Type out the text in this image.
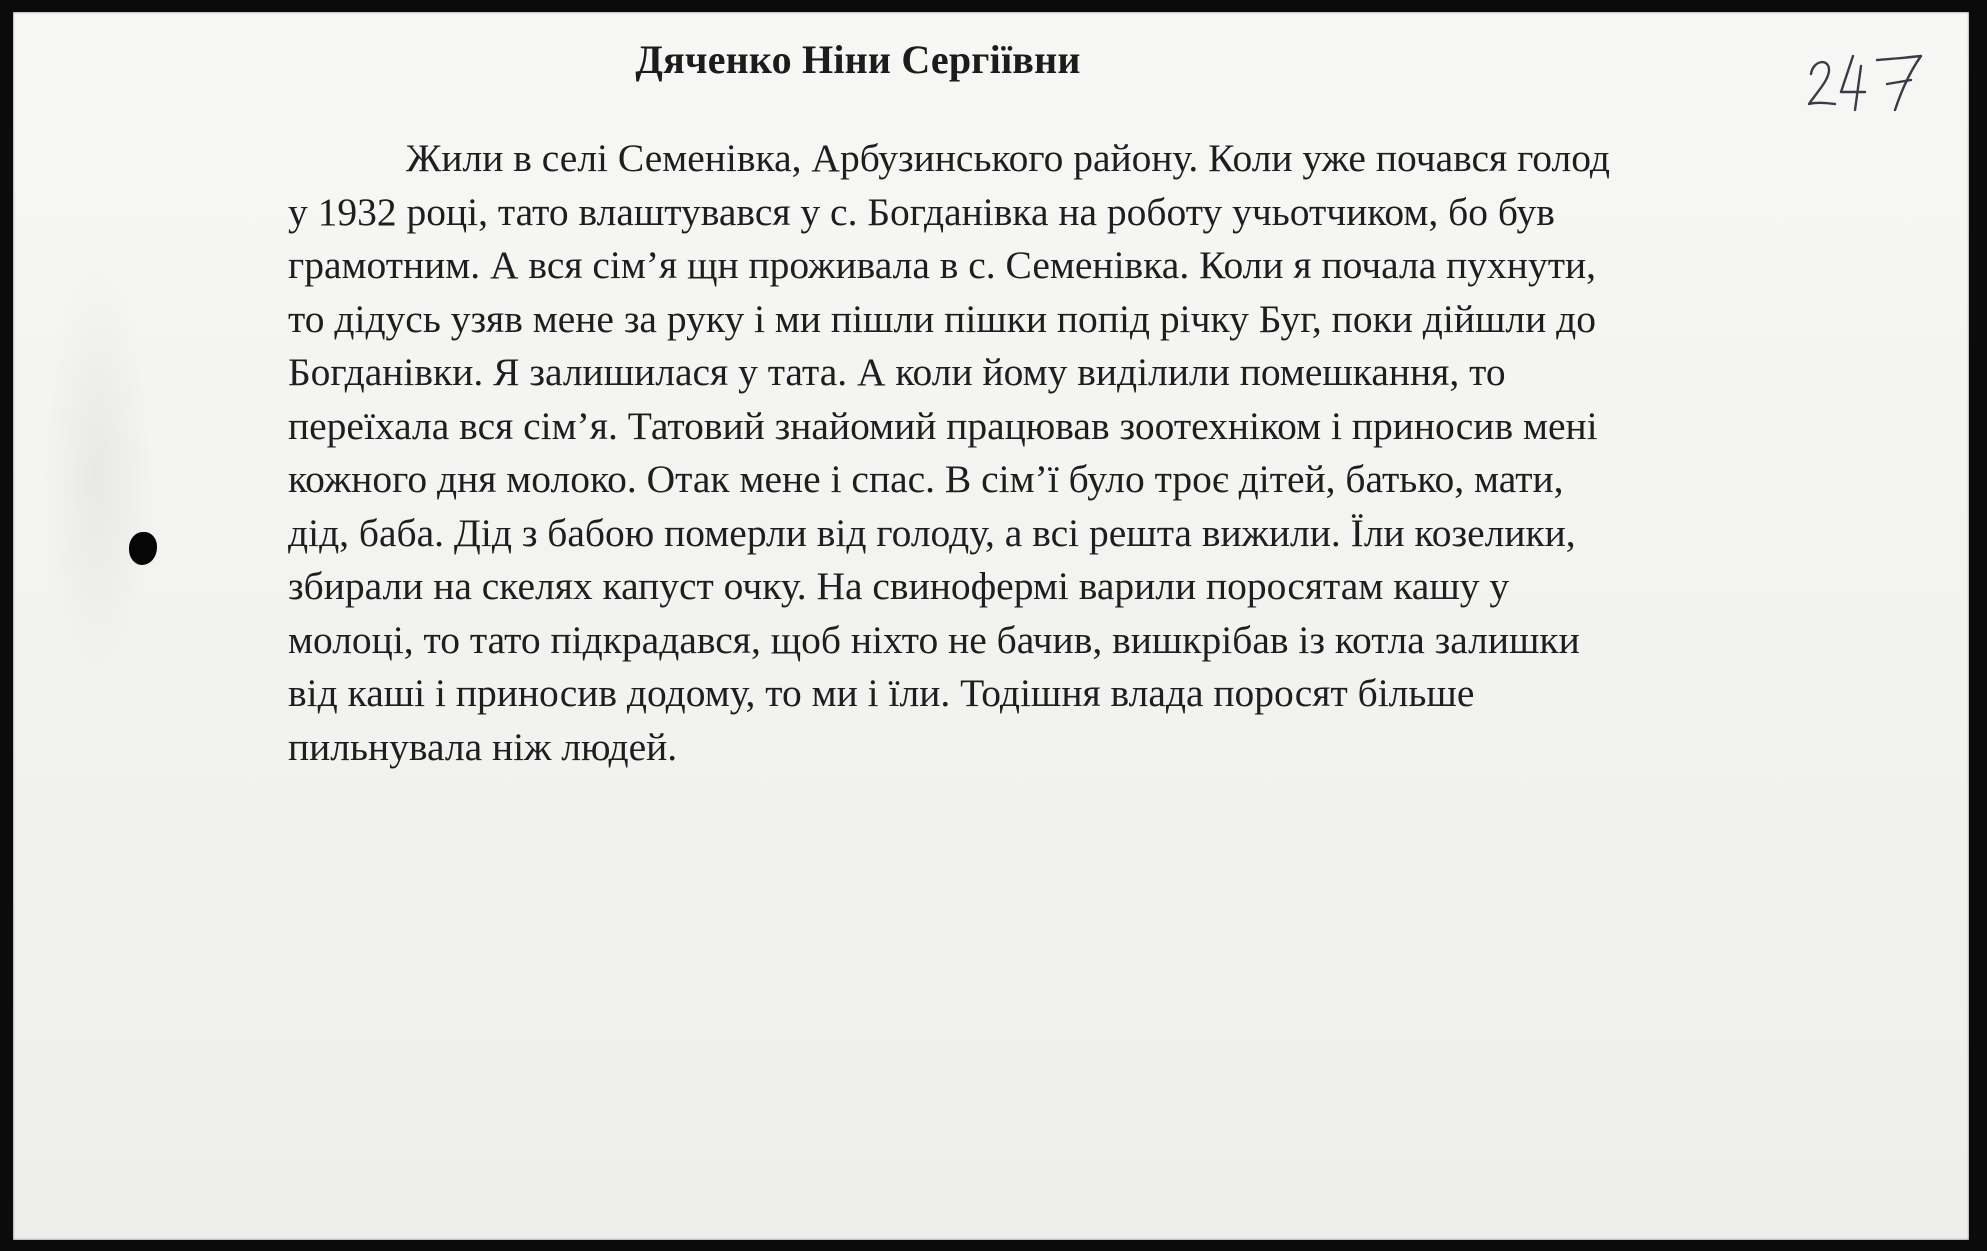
Дяченко Ніни Сергіївни
Жили в селі Семенівка, Арбузинського району. Коли уже почався голод
у 1932 році, тато влаштувався у с. Богданівка на роботу учьотчиком, бо був
грамотним. А вся сім’я щн проживала в с. Семенівка. Коли я почала пухнути,
то дідусь узяв мене за руку і ми пішли пішки попід річку Буг, поки дійшли до
Богданівки. Я залишилася у тата. А коли йому виділили помешкання, то
переїхала вся сім’я. Татовий знайомий працював зоотехніком і приносив мені
кожного дня молоко. Отак мене і спас. В сім’ї було троє дітей, батько, мати,
дід, баба. Дід з бабою померли від голоду, а всі решта вижили. Їли козелики,
збирали на скелях капуст очку. На свинофермі варили поросятам кашу у
молоці, то тато підкрадався, щоб ніхто не бачив, вишкрібав із котла залишки
від каші і приносив додому, то ми і їли. Тодішня влада поросят більше
пильнувала ніж людей.
